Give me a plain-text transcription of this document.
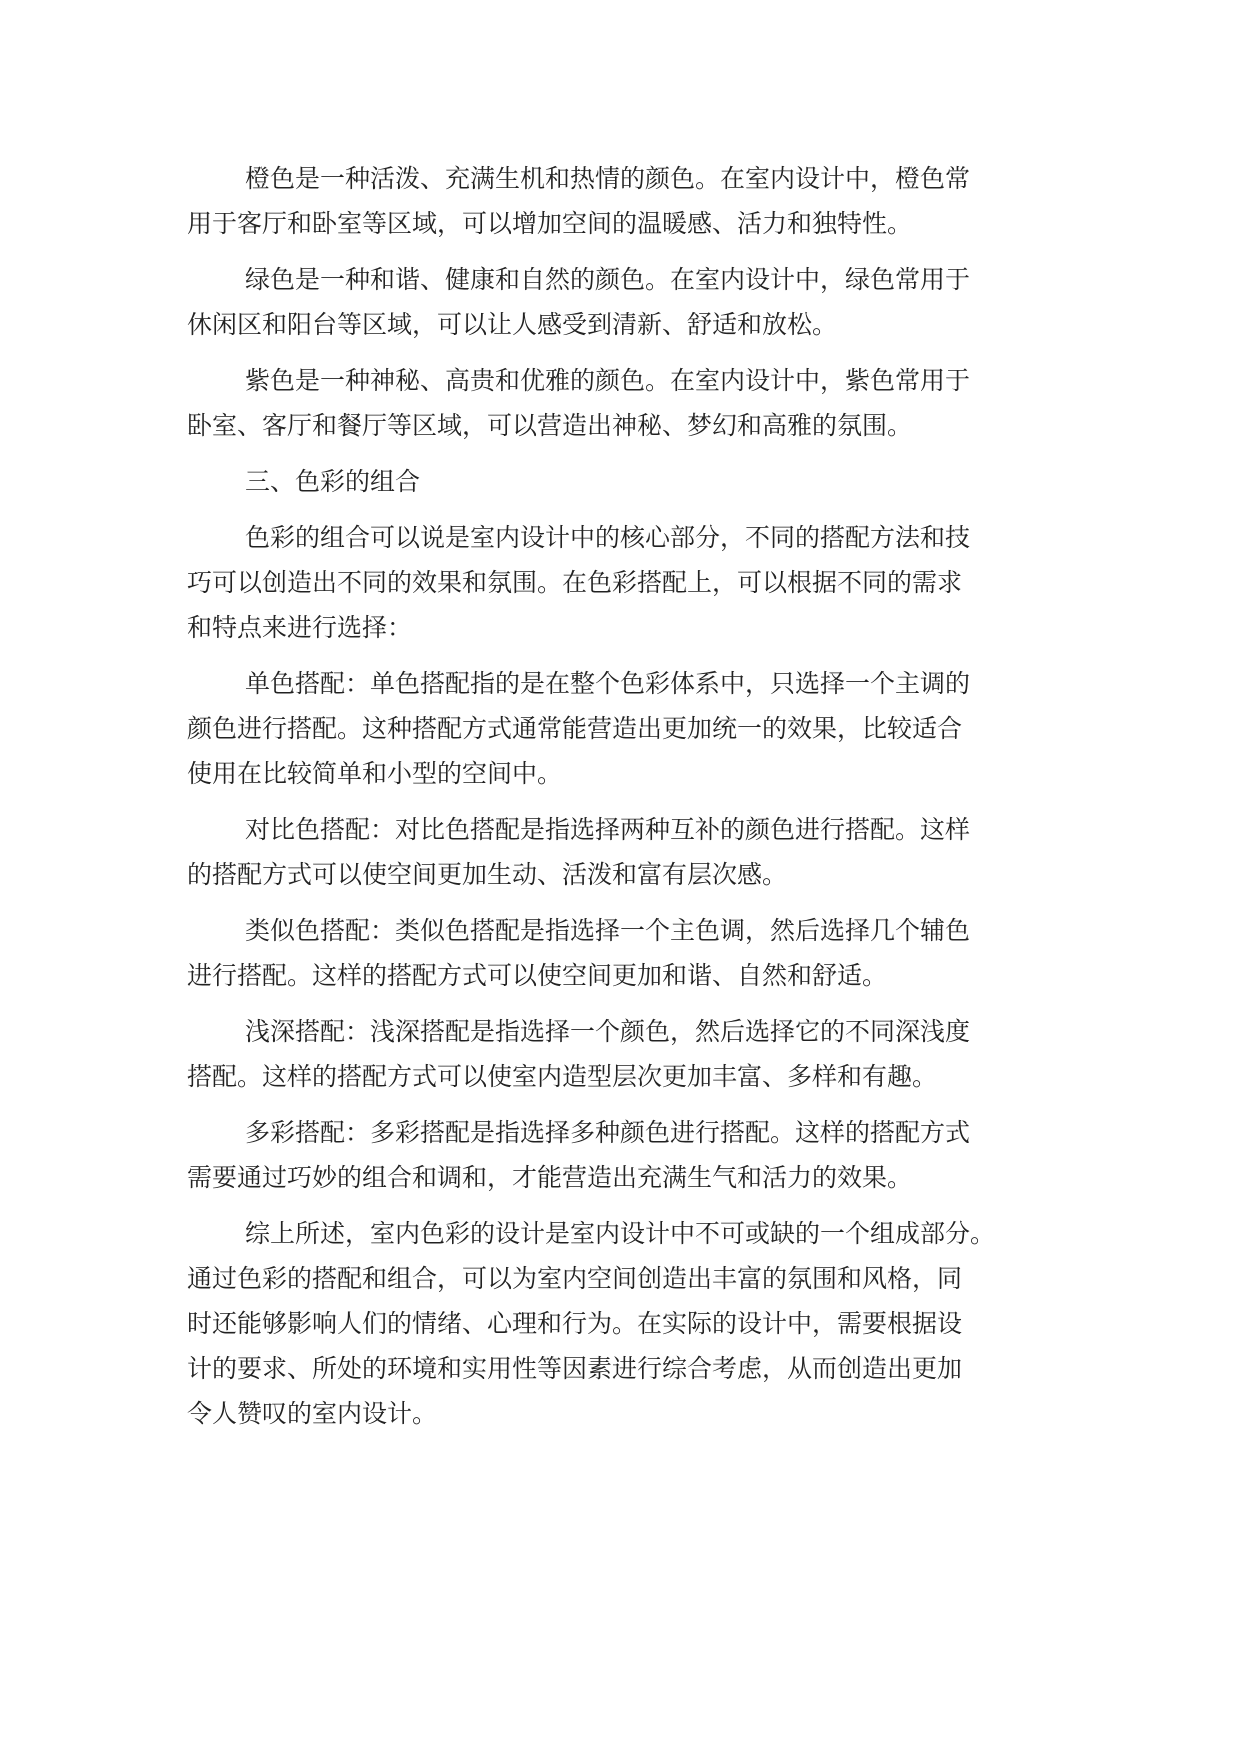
橙色是一种活泼、充满生机和热情的颜色。在室内设计中，橙色常
用于客厅和卧室等区域，可以增加空间的温暖感、活力和独特性。
绿色是一种和谐、健康和自然的颜色。在室内设计中，绿色常用于
休闲区和阳台等区域，可以让人感受到清新、舒适和放松。
紫色是一种神秘、高贵和优雅的颜色。在室内设计中，紫色常用于
卧室、客厅和餐厅等区域，可以营造出神秘、梦幻和高雅的氛围。
三、色彩的组合
色彩的组合可以说是室内设计中的核心部分，不同的搭配方法和技
巧可以创造出不同的效果和氛围。在色彩搭配上，可以根据不同的需求
和特点来进行选择：
单色搭配：单色搭配指的是在整个色彩体系中，只选择一个主调的
颜色进行搭配。这种搭配方式通常能营造出更加统一的效果，比较适合
使用在比较简单和小型的空间中。
对比色搭配：对比色搭配是指选择两种互补的颜色进行搭配。这样
的搭配方式可以使空间更加生动、活泼和富有层次感。
类似色搭配：类似色搭配是指选择一个主色调，然后选择几个辅色
进行搭配。这样的搭配方式可以使空间更加和谐、自然和舒适。
浅深搭配：浅深搭配是指选择一个颜色，然后选择它的不同深浅度
搭配。这样的搭配方式可以使室内造型层次更加丰富、多样和有趣。
多彩搭配：多彩搭配是指选择多种颜色进行搭配。这样的搭配方式
需要通过巧妙的组合和调和，才能营造出充满生气和活力的效果。
综上所述，室内色彩的设计是室内设计中不可或缺的一个组成部分。
通过色彩的搭配和组合，可以为室内空间创造出丰富的氛围和风格，同
时还能够影响人们的情绪、心理和行为。在实际的设计中，需要根据设
计的要求、所处的环境和实用性等因素进行综合考虑，从而创造出更加
令人赞叹的室内设计。
